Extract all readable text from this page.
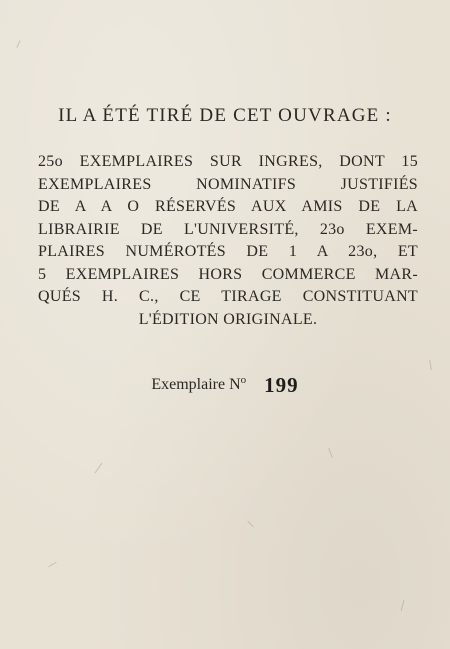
IL A ÉTÉ TIRÉ DE CET OUVRAGE :
25o EXEMPLAIRES SUR INGRES, DONT 15
EXEMPLAIRES NOMINATIFS JUSTIFIÉS
DE A A O RÉSERVÉS AUX AMIS DE LA
LIBRAIRIE DE L'UNIVERSITÉ, 23o EXEM-
PLAIRES NUMÉROTÉS DE 1 A 23o, ET
5 EXEMPLAIRES HORS COMMERCE MAR-
QUÉS H. C., CE TIRAGE CONSTITUANT
L'ÉDITION ORIGINALE.
Exemplaire $N^o$ 199
